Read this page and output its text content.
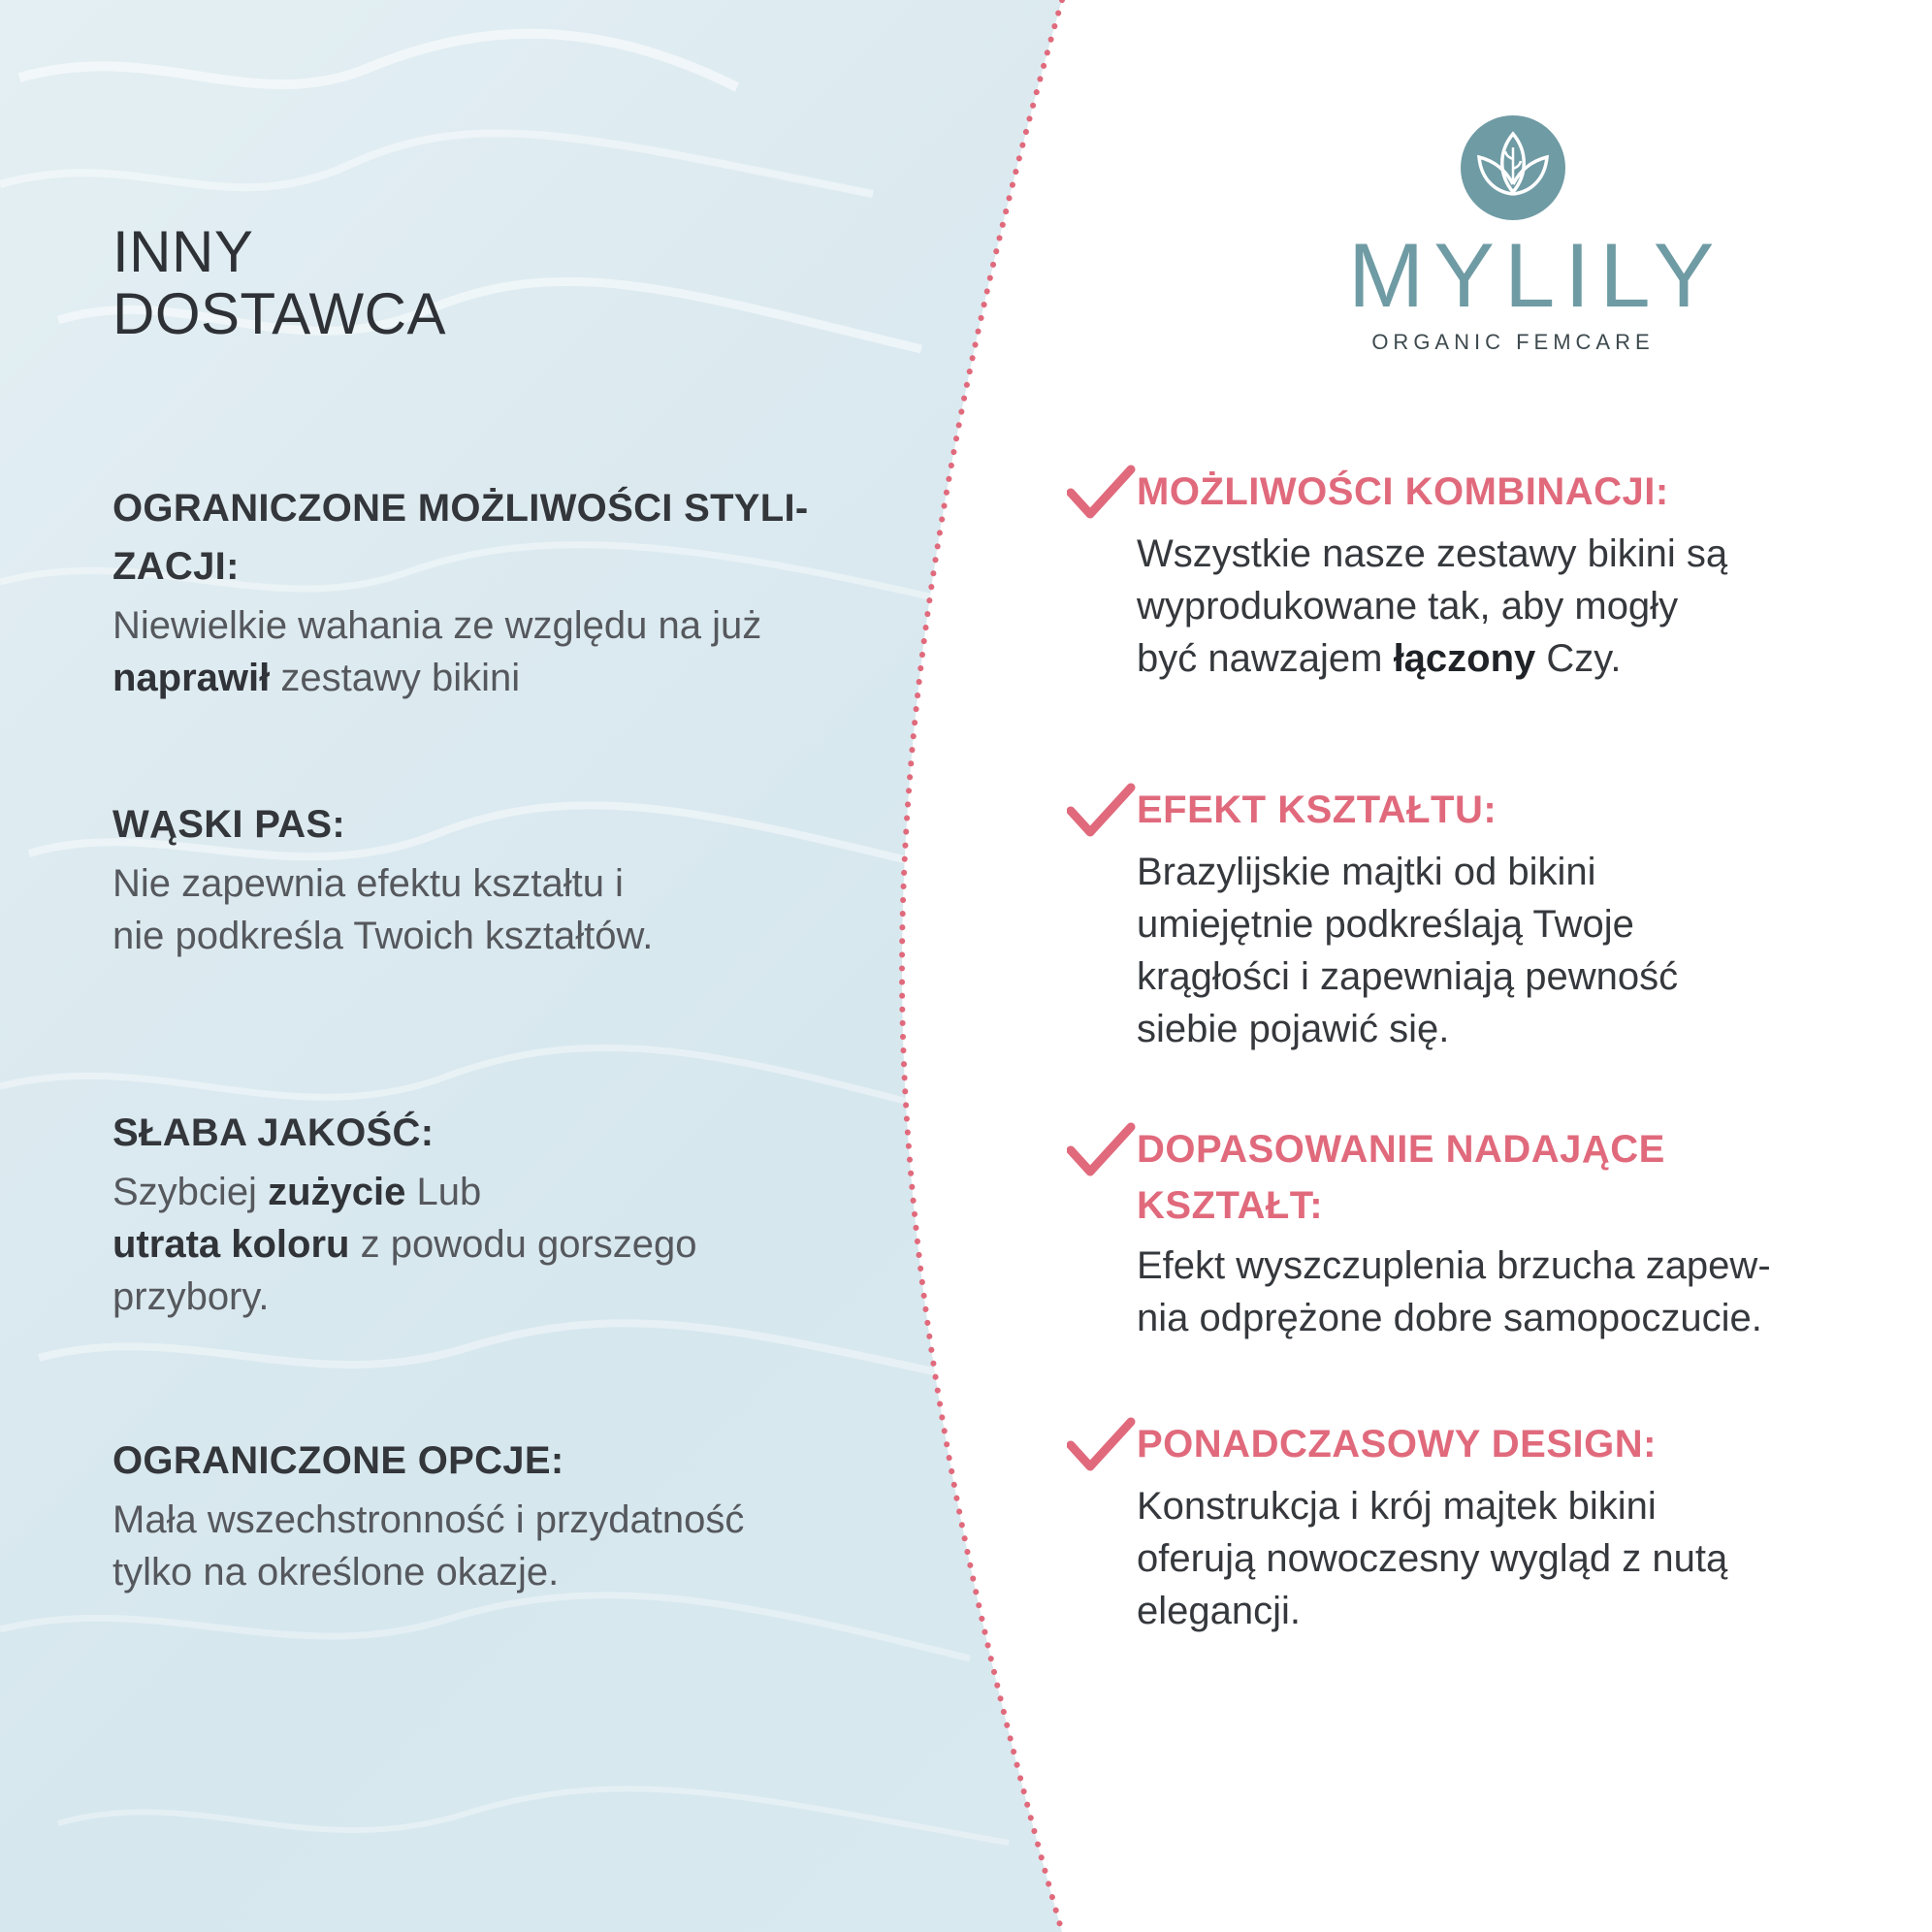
INNY
DOSTAWCA
OGRANICZONE MOŻLIWOŚCI STYLI-
ZACJI:
Niewielkie wahania ze względu na już
naprawił zestawy bikini
WĄSKI PAS:
Nie zapewnia efektu kształtu i
nie podkreśla Twoich kształtów.
SŁABA JAKOŚĆ:
Szybciej zużycie Lub
utrata koloru z powodu gorszego
przybory.
OGRANICZONE OPCJE:
Mała wszechstronność i przydatność
tylko na określone okazje.
MYLILY
ORGANIC FEMCARE
MOŻLIWOŚCI KOMBINACJI:
Wszystkie nasze zestawy bikini są
wyprodukowane tak, aby mogły
być nawzajem łączony Czy.
EFEKT KSZTAŁTU:
Brazylijskie majtki od bikini
umiejętnie podkreślają Twoje
krągłości i zapewniają pewność
siebie pojawić się.
DOPASOWANIE NADAJĄCE
KSZTAŁT:
Efekt wyszczuplenia brzucha zapew-
nia odprężone dobre samopoczucie.
PONADCZASOWY DESIGN:
Konstrukcja i krój majtek bikini
oferują nowoczesny wygląd z nutą
elegancji.
